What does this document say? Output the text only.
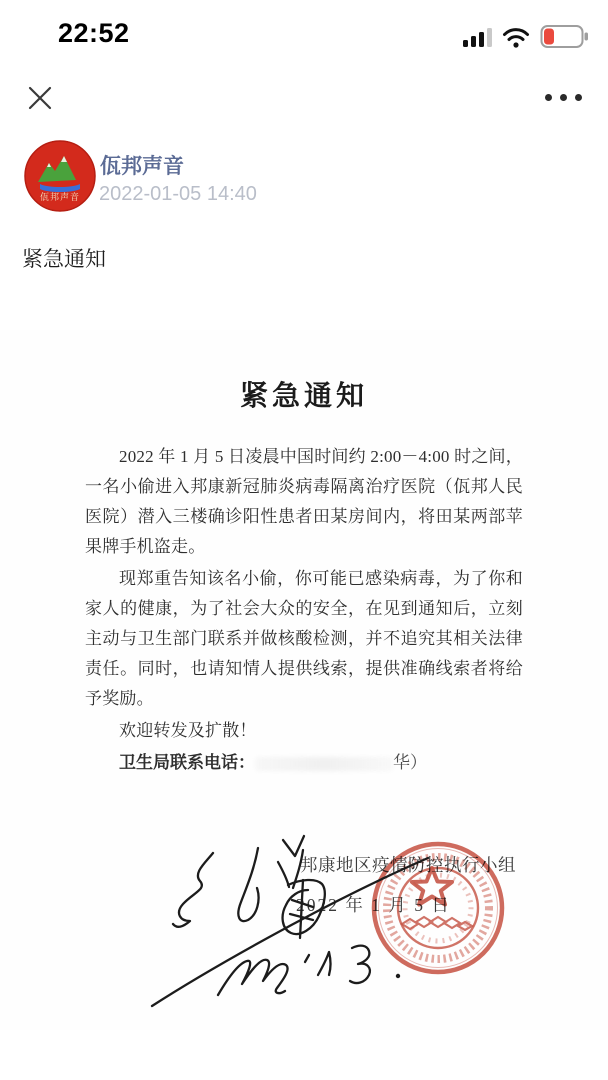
22:52
佤邦声音
佤邦声音
2022-01-05 14:40
紧急通知
紧急通知

2022 年 1 月 5 日凌晨中国时间约 2:00－4:00 时之间，一名小偷进入邦康新冠肺炎病毒隔离治疗医院（佤邦人民医院）潜入三楼确诊阳性患者田某房间内，将田某两部苹果牌手机盗走。

现郑重告知该名小偷，你可能已感染病毒，为了你和家人的健康，为了社会大众的安全，在见到通知后，立刻主动与卫生部门联系并做核酸检测，并不追究其相关法律责任。同时，也请知情人提供线索，提供准确线索者将给予奖励。

欢迎转发及扩散！

卫生局联系电话：	华）
邦康地区疫情防控执行小组
2022 年 1 月 5 日
